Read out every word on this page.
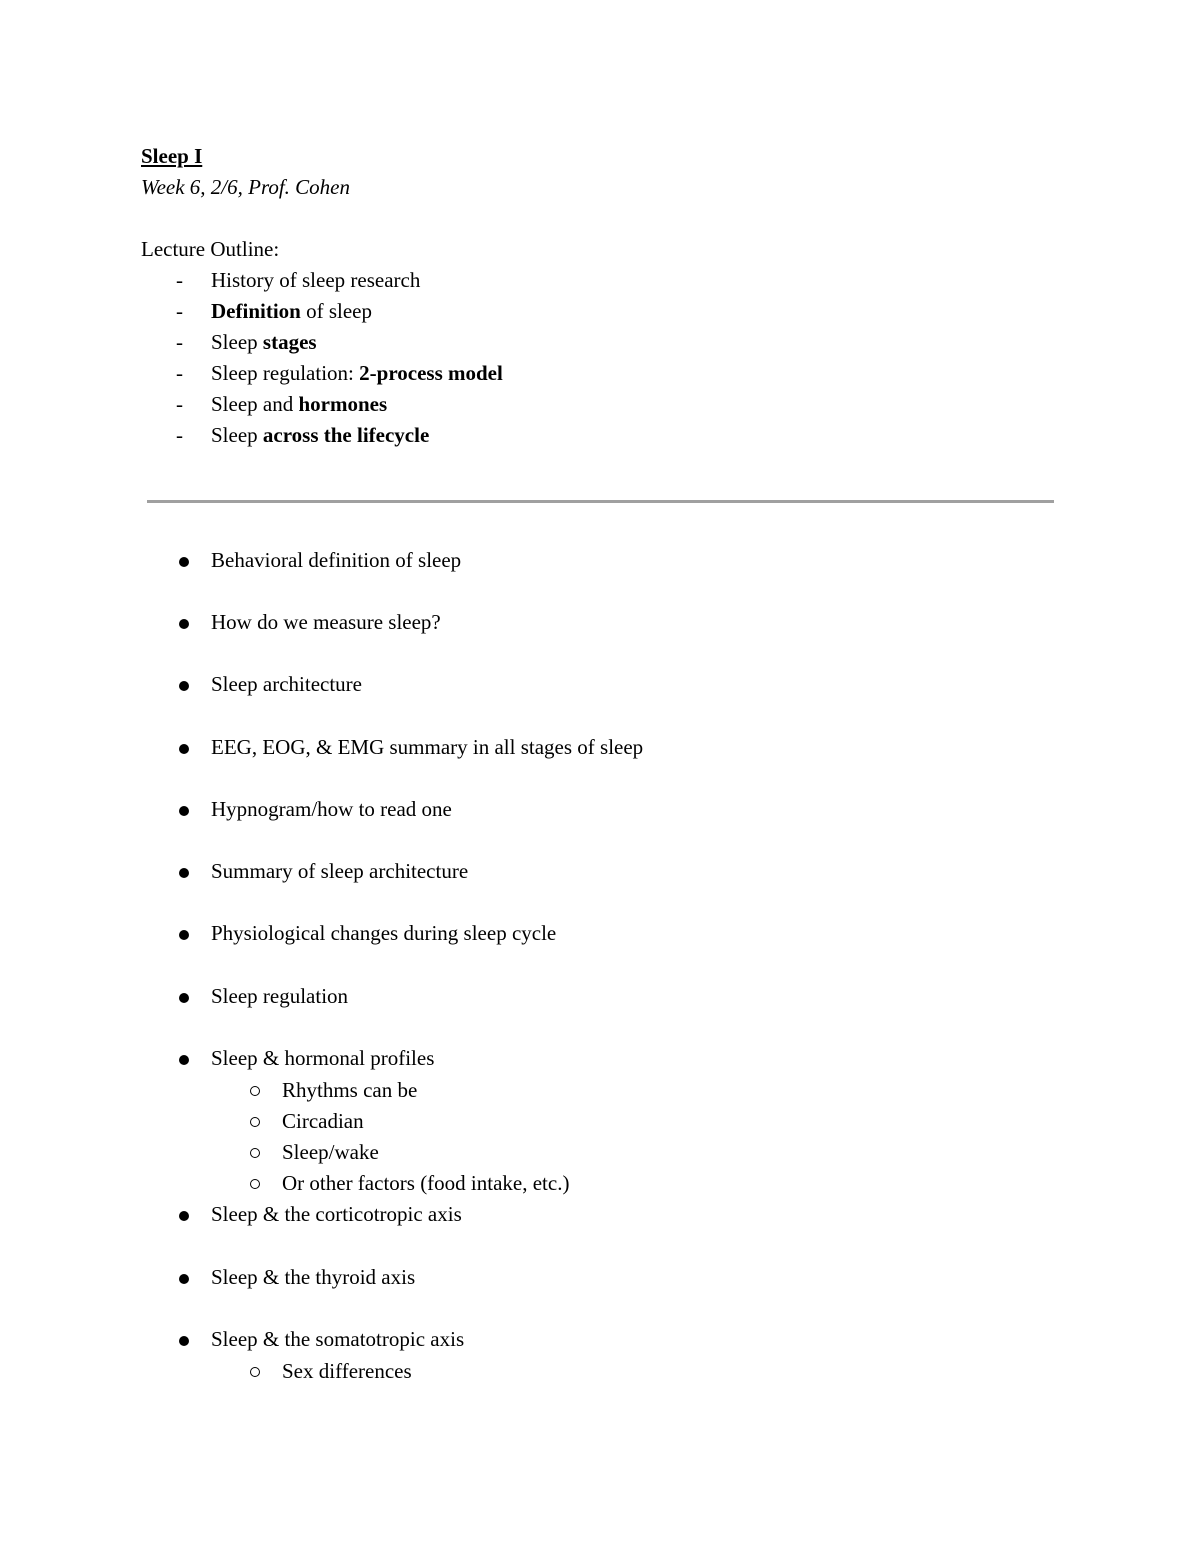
Sleep I
Week 6, 2/6, Prof. Cohen
Lecture Outline:
- History of sleep research
- Definition of sleep
- Sleep stages
- Sleep regulation: 2-process model
- Sleep and hormones
- Sleep across the lifecycle
Behavioral definition of sleep
How do we measure sleep?
Sleep architecture
EEG, EOG, & EMG summary in all stages of sleep
Hypnogram/how to read one
Summary of sleep architecture
Physiological changes during sleep cycle
Sleep regulation
Sleep & hormonal profiles
Rhythms can be
Circadian
Sleep/wake
Or other factors (food intake, etc.)
Sleep & the corticotropic axis
Sleep & the thyroid axis
Sleep & the somatotropic axis
Sex differences
